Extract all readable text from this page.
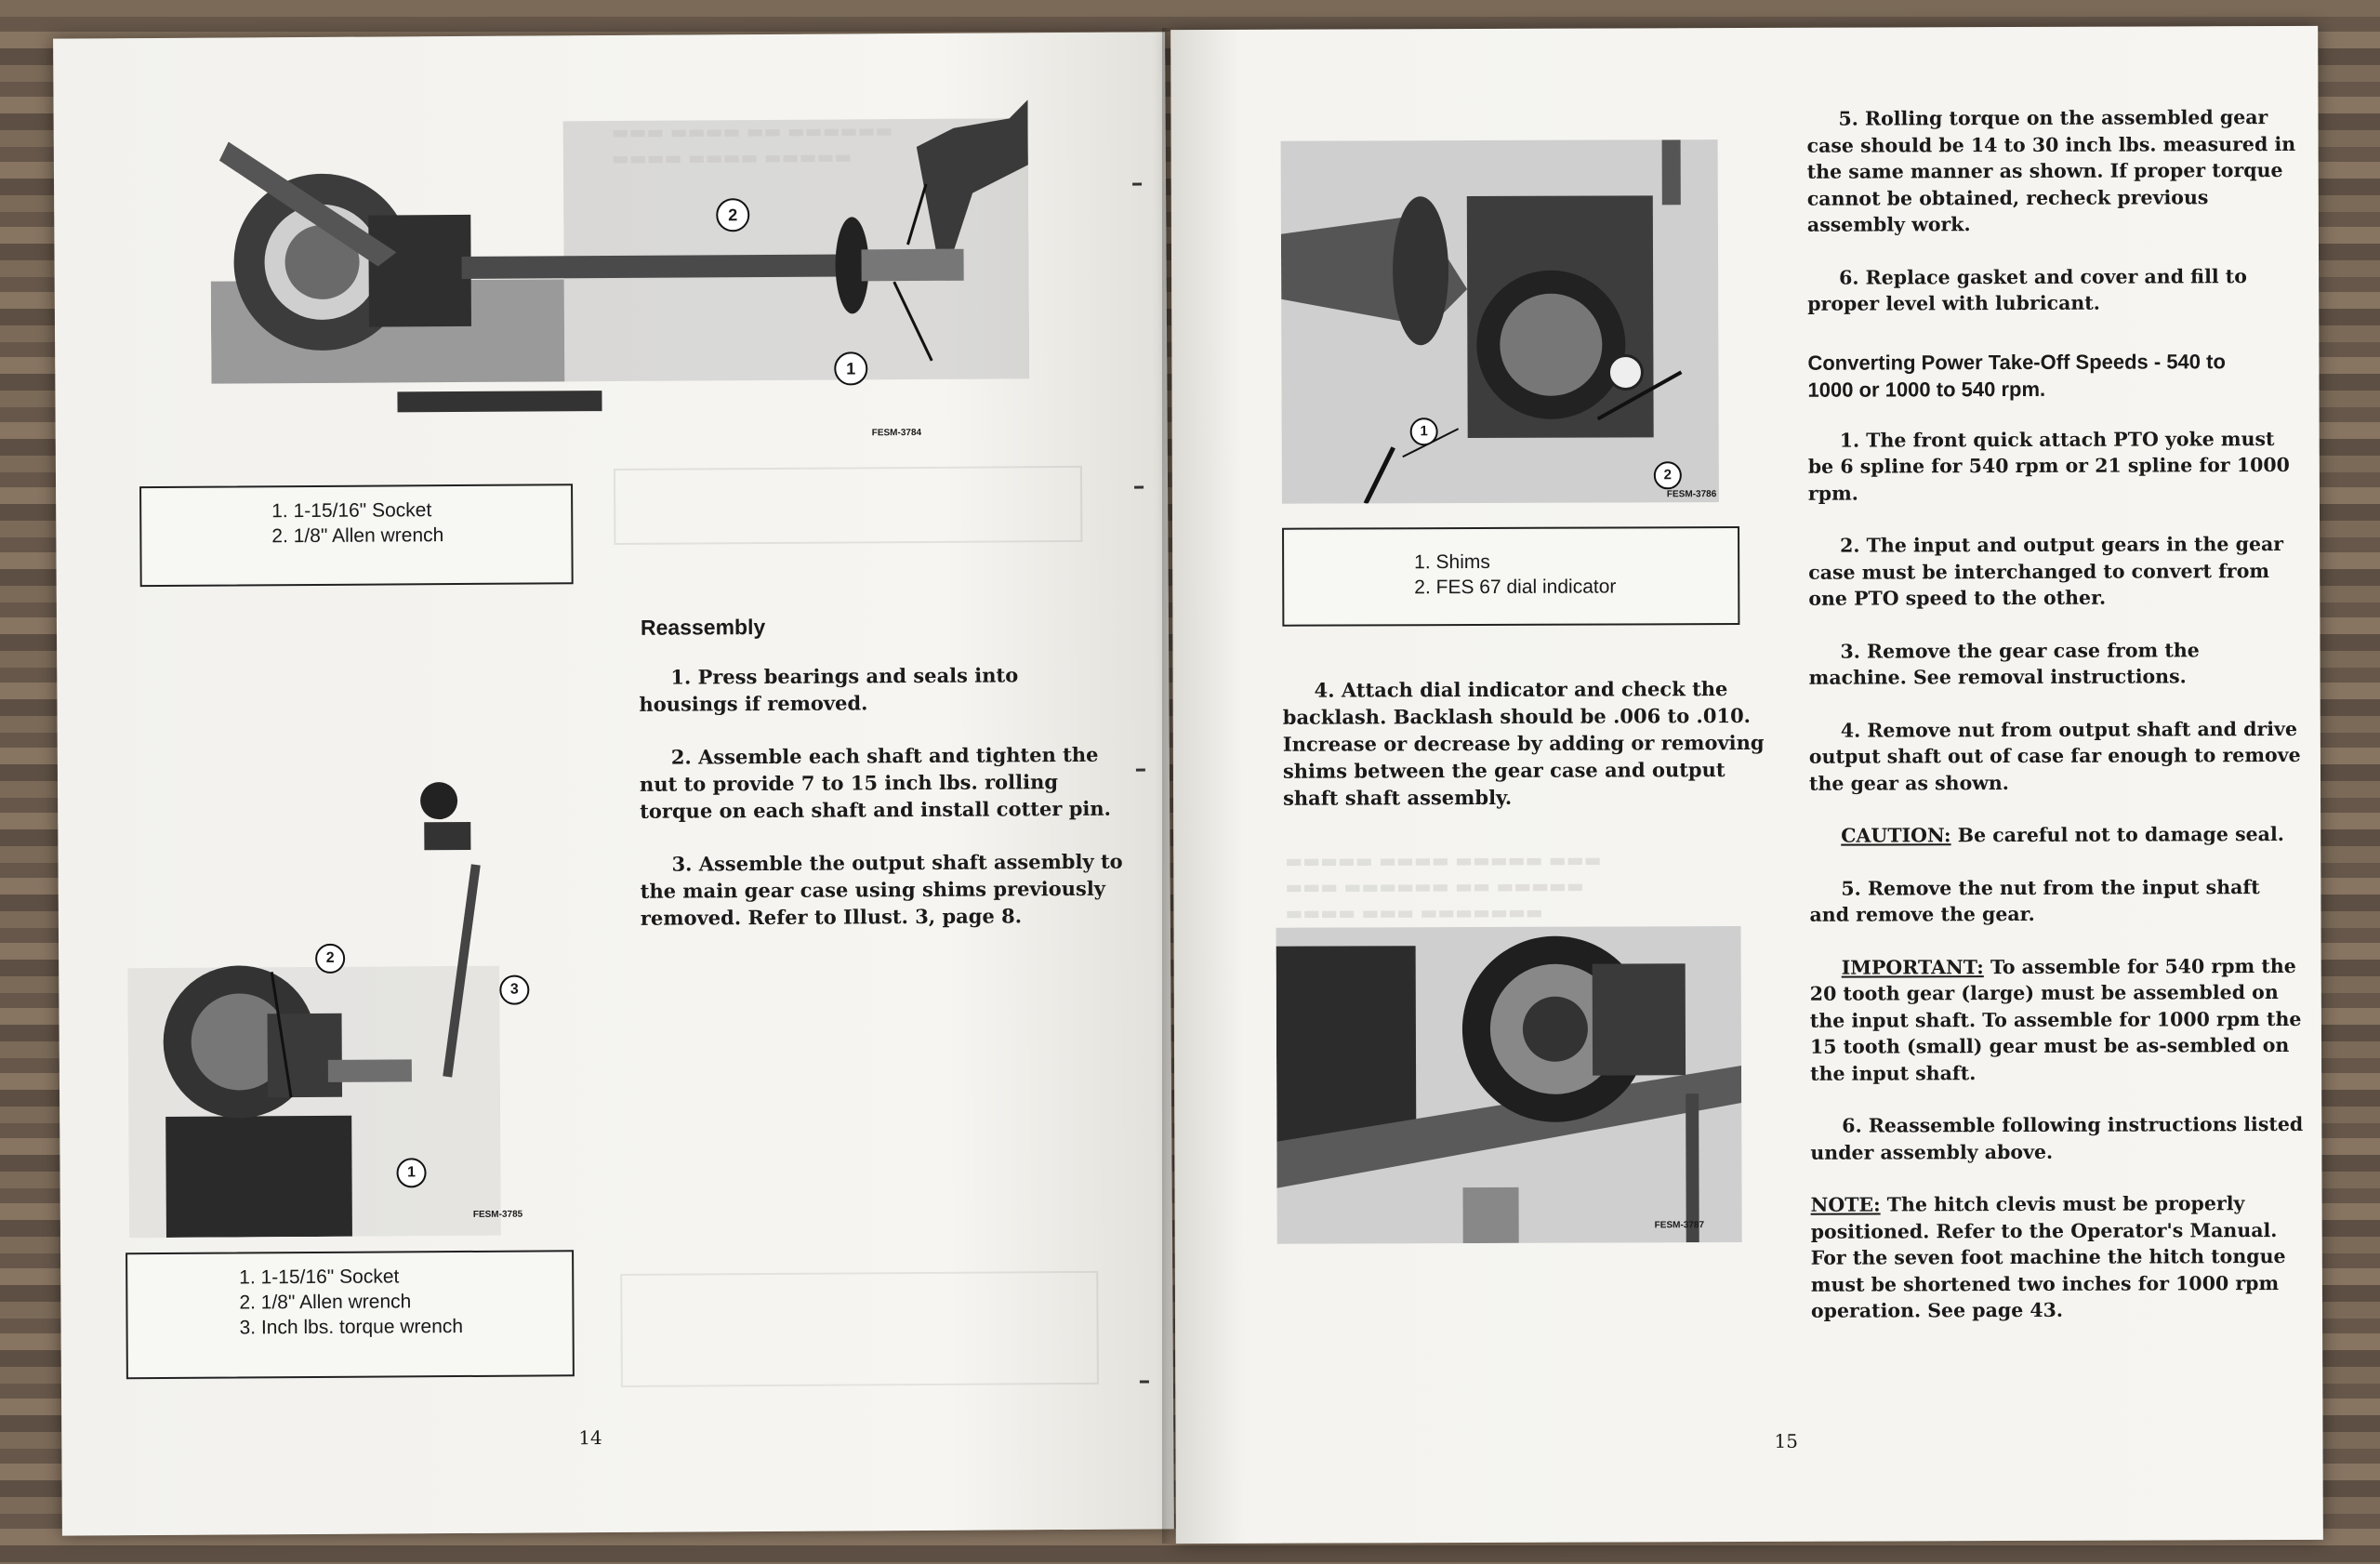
2
1
FESM-3784
1. 1-15/16" Socket
2. 1/8" Allen wrench
Reassembly

1. Press bearings and seals into housings if removed.

2. Assemble each shaft and tighten the nut to provide 7 to 15 inch lbs. rolling torque on each shaft and install cotter pin.

3. Assemble the output shaft assembly to the main gear case using shims previously removed. Refer to Illust. 3, page 8.

2
3
1
FESM-3785
1. 1-15/16" Socket
2. 1/8" Allen wrench
3. Inch lbs. torque wrench
14
▬▬▬▬▬ ▬▬▬▬ ▬▬▬▬▬ ▬▬▬
▬▬▬ ▬▬▬▬▬▬ ▬▬ ▬▬▬▬▬
▬▬▬▬ ▬▬▬ ▬▬▬▬▬▬▬
1
2
FESM-3786
1. Shims
2. FES 67 dial indicator

4. Attach dial indicator and check the backlash. Backlash should be .006 to .010. Increase or decrease by adding or removing shims between the gear case and output shaft shaft assembly.

FESM-3787

5. Rolling torque on the assembled gear case should be 14 to 30 inch lbs. measured in the same manner as shown. If proper torque cannot be obtained, recheck previous assembly work.

6. Replace gasket and cover and fill to proper level with lubricant.

Converting Power Take-Off Speeds - 540 to 1000 or 1000 to 540 rpm.

1. The front quick attach PTO yoke must be 6 spline for 540 rpm or 21 spline for 1000 rpm.

2. The input and output gears in the gear case must be interchanged to convert from one PTO speed to the other.

3. Remove the gear case from the machine. See removal instructions.

4. Remove nut from output shaft and drive output shaft out of case far enough to remove the gear as shown.

CAUTION: Be careful not to damage seal.

5. Remove the nut from the input shaft and remove the gear.

IMPORTANT: To assemble for 540 rpm the 20 tooth gear (large) must be assembled on the input shaft. To assemble for 1000 rpm the 15 tooth (small) gear must be as-sembled on the input shaft.

6. Reassemble following instructions listed under assembly above.

NOTE: The hitch clevis must be properly positioned. Refer to the Operator's Manual. For the seven foot machine the hitch tongue must be shortened two inches for 1000 rpm operation. See page 43.

15
